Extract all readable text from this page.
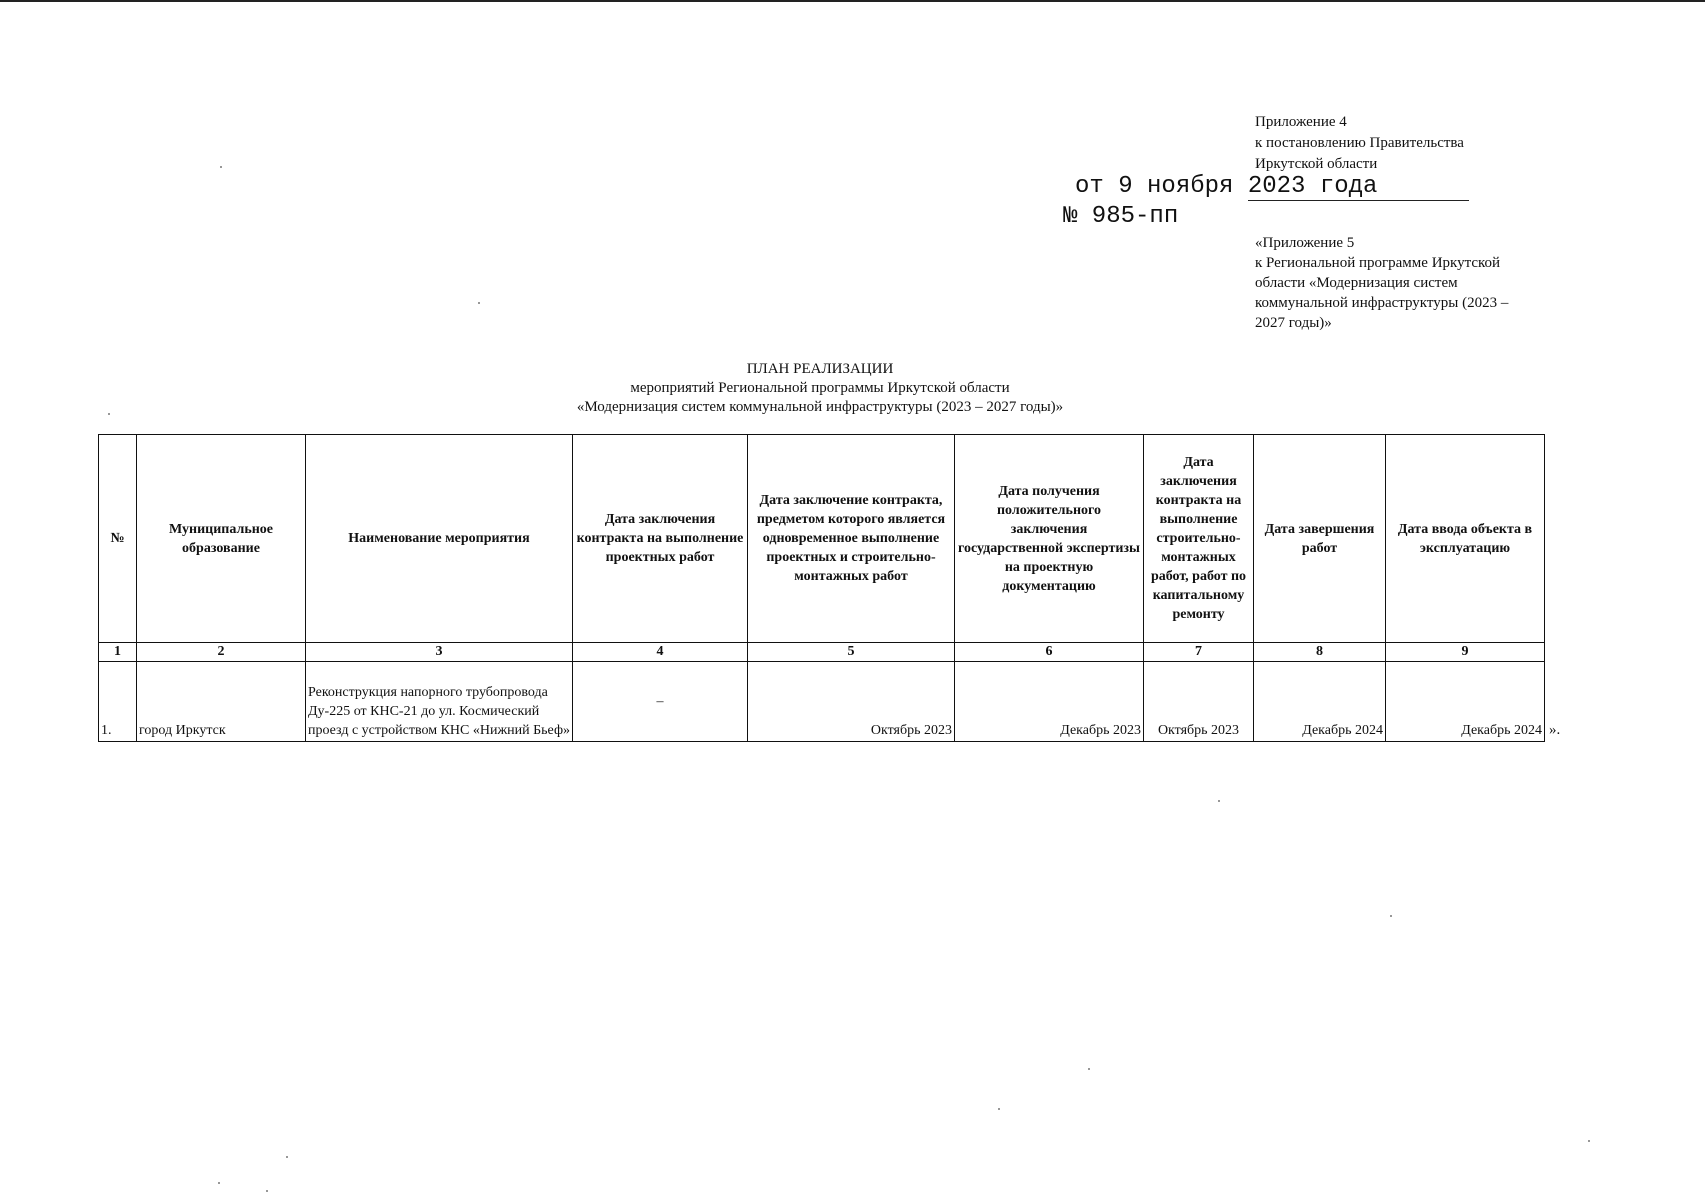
Приложение 4
к постановлению Правительства
Иркутской области
от 9 ноября 2023 года
№ 985-пп
«Приложение 5
к Региональной программе Иркутской области «Модернизация систем коммунальной инфраструктуры (2023 – 2027 годы)»
ПЛАН РЕАЛИЗАЦИИ
мероприятий Региональной программы Иркутской области
«Модернизация систем коммунальной инфраструктуры (2023 – 2027 годы)»
№	Муниципальное образование	Наименование мероприятия	Дата заключения контракта на выполнение проектных работ	Дата заключение контракта, предметом которого является одновременное выполнение проектных и строительно-монтажных работ	Дата получения положительного заключения государственной экспертизы на проектную документацию	Дата заключения контракта на выполнение строительно-монтажных работ, работ по капитальному ремонту	Дата завершения работ	Дата ввода объекта в эксплуатацию
1	2	3	4	5	6	7	8	9
1.	город Иркутск	Реконструкция напорного трубопровода Ду-225 от КНС-21 до ул. Космический проезд с устройством КНС «Нижний Бьеф»	–	Октябрь 2023	Декабрь 2023	Октябрь 2023	Декабрь 2024	Декабрь 2024 ».
